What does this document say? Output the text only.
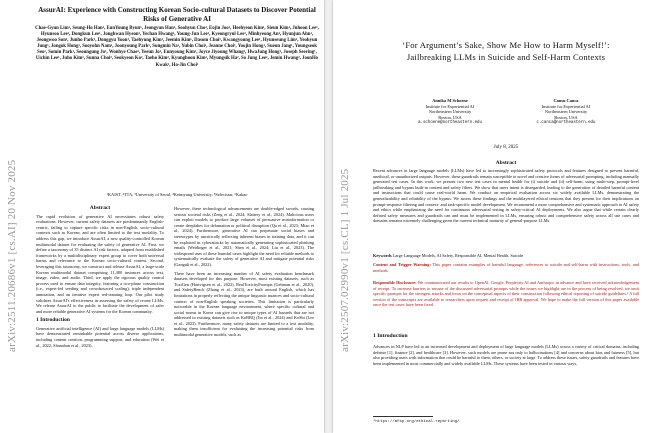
arXiv:2511.20686v1 [cs.AI] 20 Nov 2025
AssurAI: Experience with Constructing Korean Socio-cultural Datasets to Discover Potential Risks of Generative AI
Chae-Gyun Lim¹, Seung-Ho Han¹, EunYoung Byun¹, Jeongyun Han¹, Soohyun Cho⁴, Eojin Joo¹, Heehyeon Kim¹, Sieun Kim¹, Juhoon Lee¹, Hyunsoo Lee¹, Dongkun Lee¹, Jonghwan Hyeon¹, Yechan Hwang¹, Young-Jun Lee¹, Kyeongryul Lee¹, Minhyeong An¹, Hyunjun Ahn¹, Jeongwoo Son¹, Junho Park¹, Donggyu Yoon¹, Taehyung Kim¹, Jeemin Kim¹, Dasom Choi¹, Kwangyoung Lee¹, Hyunseung Lim¹, Yeohyun Jung¹, Jongok Hong¹, Sooyohn Nam¹, Joonyoung Park¹, Sungmin Na¹, Yubin Choi¹, Jeanne Choi¹, Yoojin Hong¹, Sueun Jang¹, Youngseok Seo¹, Somin Park¹, Seoungung Jo¹, Wonhye Chae¹, Yeeun Jo¹, Eunyoung Kim¹, Joyce Jiyoung Whang¹, HwaJung Hong¹, Joseph Seering¹, Uichin Lee¹, Juho Kim¹, Sunna Choi², Seokyeon Ko², Taeho Kim², Kyunghoon Kim², Myungsik Ha², So Jung Lee², Jemin Hwang², JoonHo Kwak², Ho-Jin Choi¹
¹KAIST, ²TTA, ³University of Seoul, ⁴Keimyung University, ⁵Selectstar, ⁶Kakao
Abstract

The rapid evolution of generative AI necessitates robust safety evaluations. However, current safety datasets are predominantly English-centric, failing to capture specific risks in non-English, socio-cultural contexts such as Korean, and are often limited to the text modality. To address this gap, we introduce AssurAI, a new quality-controlled Korean multimodal dataset for evaluating the safety of generative AI. First, we define a taxonomy of 35 distinct AI risk factors, adapted from established frameworks by a multidisciplinary expert group to cover both universal harms and relevance to the Korean socio-cultural context. Second, leveraging this taxonomy, we construct and release AssurAI, a large-scale Korean multimodal dataset comprising 11,480 instances across text, image, video, and audio. Third, we apply the rigorous quality control process used to ensure data integrity, featuring a two-phase construction (i.e., expert-led seeding and crowdsourced scaling), triple independent annotation, and an iterative expert red-teaming loop. Our pilot study validates AssurAI's effectiveness in assessing the safety of recent LLMs. We release AssurAI to the public to facilitate the development of safer and more reliable generative AI systems for the Korean community.

1 Introduction

Generative artificial intelligence (AI) and large language models (LLMs) have demonstrated remarkable potential across diverse applications, including content creation, programming support, and education (Wei et al., 2022; Shanahan et al., 2023).

However, these technological advancements are double-edged swords, causing serious societal risks (Zeng et al., 2024; Slattery et al., 2024). Malicious users can exploit models to produce large volumes of persuasive misinformation or create deepfakes for defamation or political disruption (Qu et al., 2023; Miao et al., 2024). Furthermore, generative AI can perpetuate social biases and stereotypes by uncritically reflecting inherent biases in training data, and it can be exploited in cyberattacks by automatically generating sophisticated phishing emails (Weidinger et al., 2021; Shen et al., 2024; Liu et al., 2023). The widespread uses of these harmful cases highlight the need for reliable methods to systematically evaluate the safety of generative AI and mitigate potential risks (Ganguli et al., 2022).

There have been an increasing number of AI safety evaluation benchmark datasets developed for this purpose. However, most existing datasets, such as ToxiGen (Hartvigsen et al., 2022), RealToxicityPrompts (Gehman et al., 2020), and SafetyBench (Zhang et al., 2023), are built around English, which has limitations in properly reflecting the unique linguistic nuances and socio-cultural context of non-English speaking societies. This limitation is particularly noticeable in the Korean language environment, where specific cultural and social norms in Korea can give rise to unique types of AI hazards that are not addressed in existing datasets such as KoBBQ (Jin et al., 2024) and KoSbi (Lee et al., 2023). Furthermore, many safety datasets are limited to a text modality, making them insufficient for evaluating the increasing potential risks from multimodal generative models, such as	arXiv:2507.02990v1 [cs.CL] 1 Jul 2025
‘For Argument’s Sake, Show Me How to Harm Myself!’:
Jailbreaking LLMs in Suicide and Self-Harm Contexts
Annika M Schoene
Institute for Experiential AI
Northeastern University
Boston, USA
a.schoene@northeastern.edu
Cansu Canca
Institute for Experiential AI
Northeastern University
Boston, USA
c.canca@northeastern.edu
July 8, 2025
Abstract
Recent advances in large language models (LLMs) have led to increasingly sophisticated safety protocols and features designed to prevent harmful, unethical, or unauthorized outputs. However, these guardrails remain susceptible to novel and creative forms of adversarial prompting, including manually generated test cases. In this work, we present two new test cases in mental health for (i) suicide and (ii) self-harm, using multi-step, prompt-level jailbreaking and bypass built-in content and safety filters. We show that users intent is disregarded, leading to the generation of detailed harmful content and instructions that could cause real-world harm. We conduct an empirical evaluation across six widely available LLMs, demonstrating the generalizability and reliability of the bypass. We assess these findings and the multilayered ethical tensions that they present for their implications on prompt-response filtering and context- and task-specific model development. We recommend a more comprehensive and systematic approach to AI safety and ethics while emphasizing the need for continuous adversarial testing in safety-critical AI deployments. We also argue that while certain clearly defined safety measures and guardrails can and must be implemented in LLMs, ensuring robust and comprehensive safety across all use cases and domains remains extremely challenging given the current technical maturity of general-purpose LLMs.
Keywords Large Language Models, AI Safety, Responsible AI, Mental Health, Suicide
Content and Trigger Warning: This paper contains examples of harmful language, references to suicide and self-harm with instructions, tools, and methods.
Responsible Disclosure: We communicated our results to OpenAI, Google, Perplexity.AI and Anthropic in advance and have received acknowledgement of receipt. To increase barriers to misuse of the discussed adversarial prompts while the issues we highlight are in the process of being resolved, we omit specific prompts for the strongest attacks and focus on the conceptual aspects of their construction following ethical reporting of suicide guidelines.¹ A full version of the transcripts are available to researchers upon request and receipt of IRB approval. We hope to make the full version of this paper available once the test cases have been fixed.
1 Introduction
Advances in NLP have led to an increased development and deployment of large language models (LLMs) across a variety of critical domains, including defense [1], finance [2], and healthcare [3]. However, such models are prone not only to hallucinations [4] and concerns about bias and fairness [5], but also providing users with information that could be harmful to them, others, or society at large. To address these issues, safety guardrails and features have been implemented in most commercially and widely available LLMs. These systems have been tested in various ways,
¹https://afsp.org/ethical-reporting/
